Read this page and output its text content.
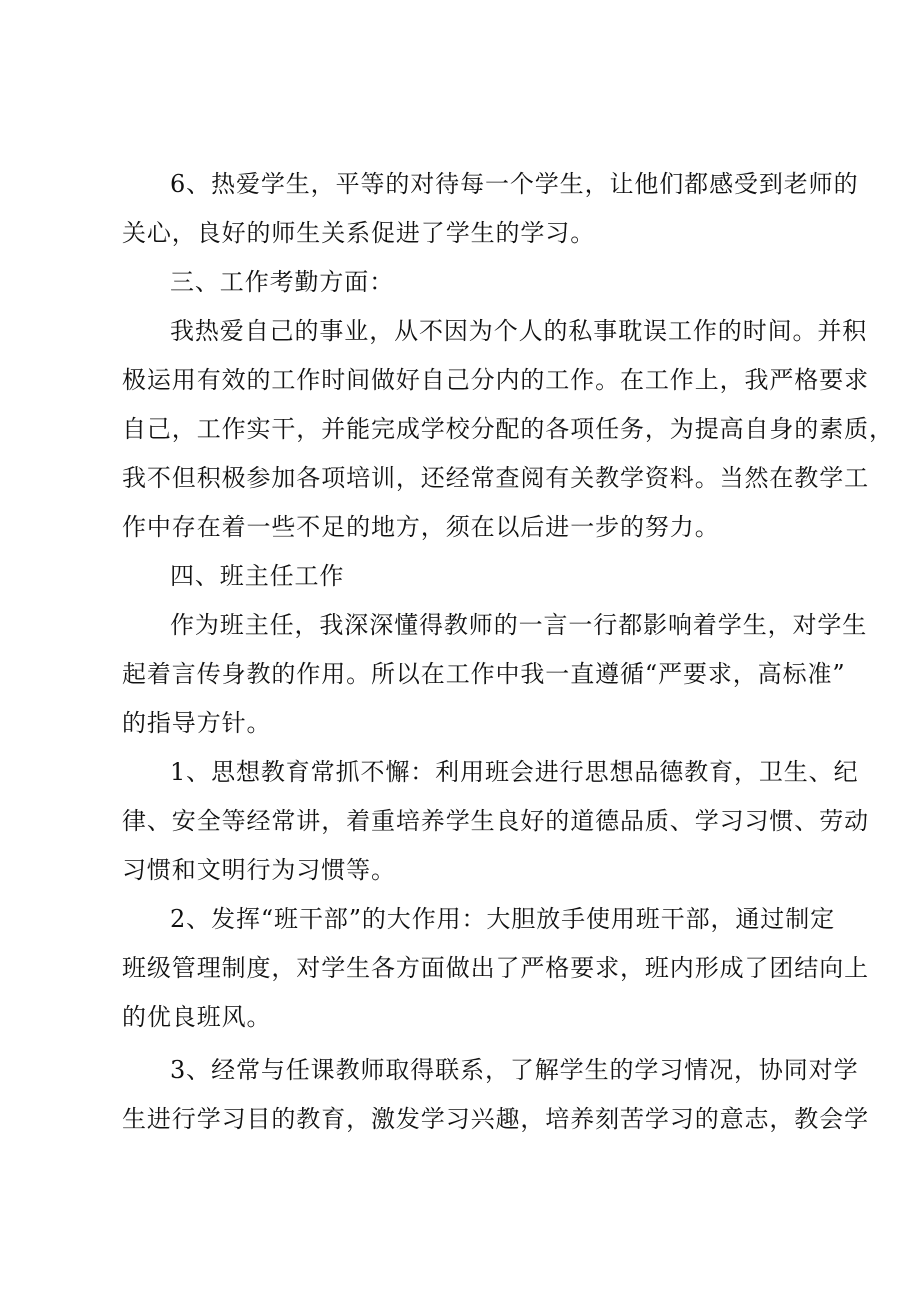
6、热爱学生，平等的对待每一个学生，让他们都感受到老师的
关心，良好的师生关系促进了学生的学习。
三、工作考勤方面：
我热爱自己的事业，从不因为个人的私事耽误工作的时间。并积
极运用有效的工作时间做好自己分内的工作。在工作上，我严格要求
自己，工作实干，并能完成学校分配的各项任务，为提高自身的素质，
我不但积极参加各项培训，还经常查阅有关教学资料。当然在教学工
作中存在着一些不足的地方，须在以后进一步的努力。
四、班主任工作
作为班主任，我深深懂得教师的一言一行都影响着学生，对学生
起着言传身教的作用。所以在工作中我一直遵循“严要求，高标准”
的指导方针。
1、思想教育常抓不懈：利用班会进行思想品德教育，卫生、纪
律、安全等经常讲，着重培养学生良好的道德品质、学习习惯、劳动
习惯和文明行为习惯等。
2、发挥“班干部”的大作用：大胆放手使用班干部，通过制定
班级管理制度，对学生各方面做出了严格要求，班内形成了团结向上
的优良班风。
3、经常与任课教师取得联系，了解学生的学习情况，协同对学
生进行学习目的教育，激发学习兴趣，培养刻苦学习的意志，教会学
